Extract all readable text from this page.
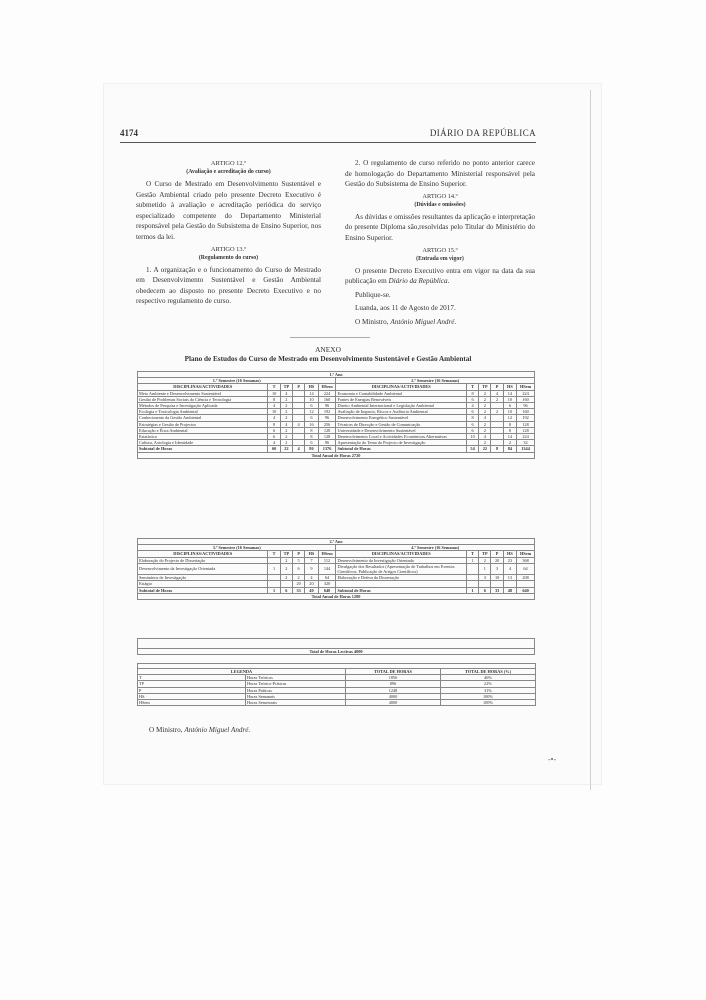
4174	DIÁRIO DA REPÚBLICA
ARTIGO 12.º
(Avaliação e acreditação do curso)

O Curso de Mestrado em Desenvolvimento Sustentável e Gestão Ambiental criado pelo presente Decreto Executivo é submetido à avaliação e acreditação periódica do serviço especializado competente do Departamento Ministerial responsável pela Gestão do Subsistema de Ensino Superior, nos termos da lei.

ARTIGO 13.º
(Regulamento do curso)

1. A organização e o funcionamento do Curso de Mestrado em Desenvolvimento Sustentável e Gestão Ambiental obedecem ao disposto no presente Decreto Executivo e no respectivo regulamento de curso.

2. O regulamento de curso referido no ponto anterior carece de homologação do Departamento Ministerial responsável pela Gestão do Subsistema de Ensino Superior.

ARTIGO 14.º
(Dúvidas e omissões)

As dúvidas e omissões resultantes da aplicação e interpretação do presente Diploma são,resolvidas pelo Titular do Ministério do Ensino Superior.

ARTIGO 15.º
(Entrada em vigor)

O presente Decreto Executivo entra em vigor na data da sua publicação em Diário da República.

Publique-se.

Luanda, aos 11 de Agosto de 2017.

O Ministro, António Miguel André.

ANEXO
Plano de Estudos do Curso de Mestrado em Desenvolvimento Sustentável e Gestão Ambiental
1.º Ano											
1.º Semestre (16 Semanas)						2.º Semestre (16 Semanas)					
DISCIPLINAS/ACTIVIDADES	T	TP	P	HS	HSem	DISCIPLINAS/ACTIVIDADES	T	TP	P	HS	HSem
Meio Ambiente e Desenvolvimento Sustentável	10	4		14	224	Economia e Contabilidade Ambiental	8	2	4	14	224
Gestão de Problemas Sociais da Ciência e Tecnologia	8	2		10	160	Fontes de Energias Renováveis	6	2	2	10	160
Métodos de Pesquisa e Investigação Aplicada	4	2		6	96	Direito Ambiental Internacional e Legislação Ambiental	4	2		6	96
Ecologia e Toxicologia Ambiental	10	2		12	192	Avaliação de Impacto, Riscos e Auditoria Ambiental	6	2	2	10	160
Conhecimento da Gestão Ambiental	4	2		6	96	Desenvolvimento Energético Sustentável	8	4		12	192
Estratégias e Gestão de Projectos	8	4	4	16	256	Técnicas de Direcção e Gestão de Comunicação	6	2		8	128
Educação e Ética Ambiental	6	2		8	128	Universidade e Desenvolvimento Sustentável	6	2		8	128
Estatística	6	2		8	128	Desenvolvimento Local e Actividades Económicas Alternativas	10	4		14	224
Cultura, Axiologia e Identidade	4	2		6	96	Apresentação do Tema do Projecto de Investigação		2		2	32
Subtotal de Horas	60	22	4	86	1376	Subtotal de Horas	54	22	8	84	1344
Total Anual de Horas 2720											
2.º Ano											
3.º Semestre (16 Semanas)						4.º Semestre (16 Semanas)					
DISCIPLINAS/ACTIVIDADES	T	TP	P	HS	HSem	DISCIPLINAS/ACTIVIDADES	T	TP	P	HS	HSem
Elaboração do Projecto de Dissertação		2	5	7	112	Desenvolvimento da Investigação Orientada	1	2	20	23	368
Desenvolvimento da Investigação Orientada	1	2	6	9	144	Divulgação dos Resultados (Apresentação de Trabalhos em Eventos Científicos, Publicação de Artigos Científicos)		1	3	4	64
Seminários de Investigação		2	2	4	64	Elaboração e Defesa da Dissertação		3	10	13	208
Estágio			20	20	320						
Subtotal de Horas	1	6	33	40	640	Subtotal de Horas	1	6	33	48	640
Total Anual de Horas 1280											

Total de Horas Lectivas 4000

LEGENDA		TOTAL DE HORAS	TOTAL DE HORAS (%)
T	Horas Teóricas	1856	46%
TP	Horas Teórico-Práticas	896	22%
P	Horas Práticas	1248	31%
HS	Horas Semanais	4000	100%
HSem	Horas Semestrais	4000	100%
O Ministro, António Miguel André.
-•-
